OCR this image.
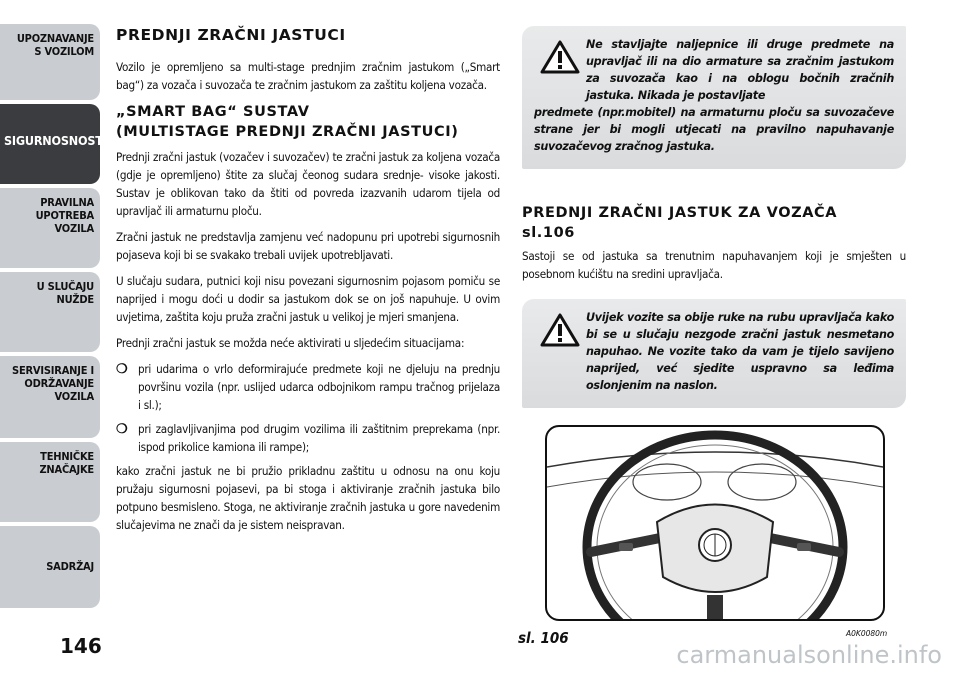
UPOZNAVANJE
S VOZILOM
SIGURNOSNOST
PRAVILNA
UPOTREBA
VOZILA
U SLUČAJU
NUŽDE
SERVISIRANJE I
ODRŽAVANJE
VOZILA
TEHNIČKE
ZNAČAJKE
SADRŽAJ
146
PREDNJI ZRAČNI JASTUCI

Vozilo je opremljeno sa multi-stage prednjim zračnim jastukom („Smart bag“) za vozača i suvozača te zračnim jastukom za zaštitu koljena vozača.

„SMART BAG“ SUSTAV
(MULTISTAGE PREDNJI ZRAČNI JASTUCI)

Prednji zračni jastuk (vozačev i suvozačev) te zračni jastuk za koljena vozača (gdje je opremljeno) štite za slučaj čeonog sudara srednje- visoke jakosti. Sustav je oblikovan tako da štiti od povreda izazvanih udarom tijela od upravljač ili armaturnu ploču.

Zračni jastuk ne predstavlja zamjenu već nadopunu pri upotrebi sigurnosnih pojaseva koji bi se svakako trebali uvijek upotrebljavati.

U slučaju sudara, putnici koji nisu povezani sigurnosnim pojasom pomiču se naprijed i mogu doći u dodir sa jastukom dok se on još napuhuje. U ovim uvjetima, zaštita koju pruža zračni jastuk u velikoj je mjeri smanjena.

Prednji zračni jastuk se možda neće aktivirati u sljedećim situacijama:

❍ pri udarima o vrlo deformirajuće predmete koji ne djeluju na prednju površinu vozila (npr. uslijed udarca odbojnikom rampu tračnog prijelaza i sl.);

❍ pri zaglavljivanjima pod drugim vozilima ili zaštitnim preprekama (npr. ispod prikolice kamiona ili rampe);

kako zračni jastuk ne bi pružio prikladnu zaštitu u odnosu na onu koju pružaju sigurnosni pojasevi, pa bi stoga i aktiviranje zračnih jastuka bilo potpuno besmisleno. Stoga, ne aktiviranje zračnih jastuka u gore navedenim slučajevima ne znači da je sistem neispravan.

Ne stavljajte naljepnice ili druge predmete na upravljač ili na dio armature sa zračnim jastukom za suvozača kao i na oblogu bočnih zračnih jastuka. Nikada je postavljate

predmete (npr.mobitel) na armaturnu ploču sa suvozačeve strane jer bi mogli utjecati na pravilno napuhavanje suvozačevog zračnog jastuka.

PREDNJI ZRAČNI JASTUK ZA VOZAČA
sl.106

Sastoji se od jastuka sa trenutnim napuhavanjem koji je smješten u posebnom kućištu na sredini upravljača.

Uvijek vozite sa obije ruke na rubu upravljača kako bi se u slučaju nezgode zračni jastuk nesmetano napuhao. Ne vozite tako da vam je tijelo savijeno naprijed, već sjedite uspravno sa leđima oslonjenim na naslon.

sl. 106	A0K0080m
carmanualsonline.info
